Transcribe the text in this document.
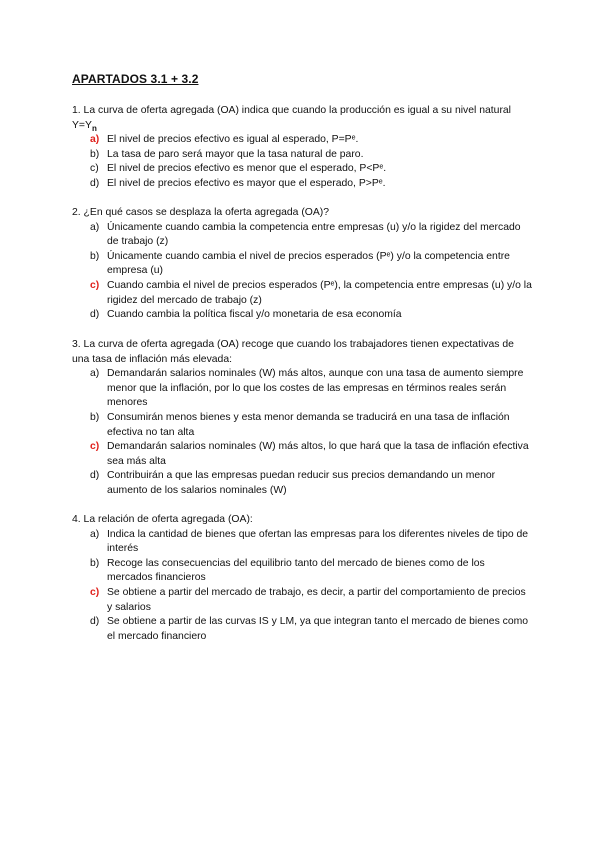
APARTADOS 3.1 + 3.2

1. La curva de oferta agregada (OA) indica que cuando la producción es igual a su nivel natural $Y=Y_n$

a) El nivel de precios efectivo es igual al esperado, P=Pᵉ.
b) La tasa de paro será mayor que la tasa natural de paro.
c) El nivel de precios efectivo es menor que el esperado, P<Pᵉ.
d) El nivel de precios efectivo es mayor que el esperado, P>Pᵉ.

2. ¿En qué casos se desplaza la oferta agregada (OA)?

a) Únicamente cuando cambia la competencia entre empresas (u) y/o la rigidez del mercado de trabajo (z)
b) Únicamente cuando cambia el nivel de precios esperados (Pᵉ) y/o la competencia entre empresa (u)
c) Cuando cambia el nivel de precios esperados (Pᵉ), la competencia entre empresas (u) y/o la rigidez del mercado de trabajo (z)
d) Cuando cambia la política fiscal y/o monetaria de esa economía

3. La curva de oferta agregada (OA) recoge que cuando los trabajadores tienen expectativas de una tasa de inflación más elevada:

a) Demandarán salarios nominales (W) más altos, aunque con una tasa de aumento siempre menor que la inflación, por lo que los costes de las empresas en términos reales serán menores
b) Consumirán menos bienes y esta menor demanda se traducirá en una tasa de inflación efectiva no tan alta
c) Demandarán salarios nominales (W) más altos, lo que hará que la tasa de inflación efectiva sea más alta
d) Contribuirán a que las empresas puedan reducir sus precios demandando un menor aumento de los salarios nominales (W)

4. La relación de oferta agregada (OA):

a) Indica la cantidad de bienes que ofertan las empresas para los diferentes niveles de tipo de interés
b) Recoge las consecuencias del equilibrio tanto del mercado de bienes como de los mercados financieros
c) Se obtiene a partir del mercado de trabajo, es decir, a partir del comportamiento de precios y salarios
d) Se obtiene a partir de las curvas IS y LM, ya que integran tanto el mercado de bienes como el mercado financiero
